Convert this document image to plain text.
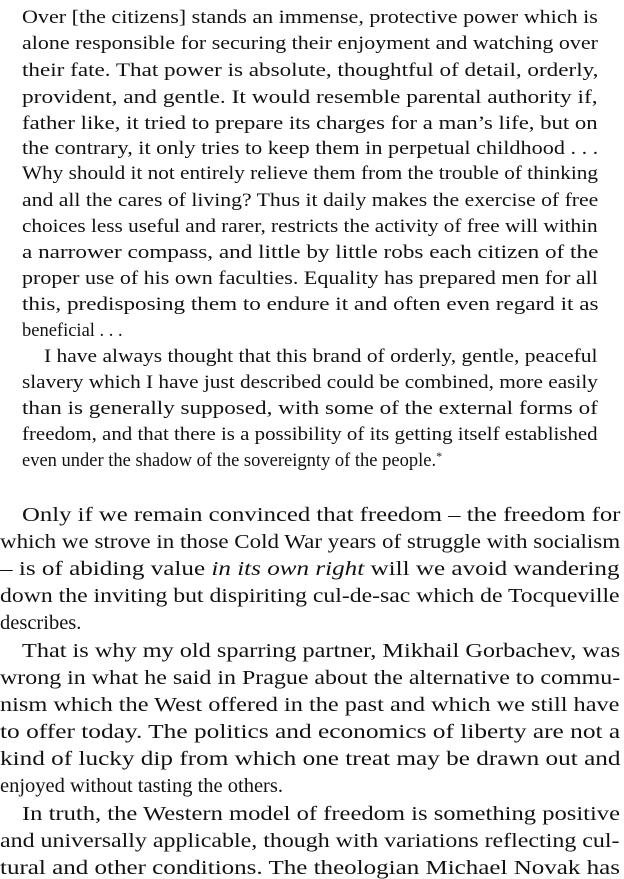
Over [the citizens] stands an immense, protective power which is
alone responsible for securing their enjoyment and watching over
their fate. That power is absolute, thoughtful of detail, orderly,
provident, and gentle. It would resemble parental authority if,
father like, it tried to prepare its charges for a man’s life, but on
the contrary, it only tries to keep them in perpetual childhood . . .
Why should it not entirely relieve them from the trouble of thinking
and all the cares of living? Thus it daily makes the exercise of free
choices less useful and rarer, restricts the activity of free will within
a narrower compass, and little by little robs each citizen of the
proper use of his own faculties. Equality has prepared men for all
this, predisposing them to endure it and often even regard it as
beneficial . . .
I have always thought that this brand of orderly, gentle, peaceful
slavery which I have just described could be combined, more easily
than is generally supposed, with some of the external forms of
freedom, and that there is a possibility of its getting itself established
even under the shadow of the sovereignty of the people.*
Only if we remain convinced that freedom – the freedom for
which we strove in those Cold War years of struggle with socialism
– is of abiding value in its own right will we avoid wandering
down the inviting but dispiriting cul-de-sac which de Tocqueville
describes.
That is why my old sparring partner, Mikhail Gorbachev, was
wrong in what he said in Prague about the alternative to commu-
nism which the West offered in the past and which we still have
to offer today. The politics and economics of liberty are not a
kind of lucky dip from which one treat may be drawn out and
enjoyed without tasting the others.
In truth, the Western model of freedom is something positive
and universally applicable, though with variations reflecting cul-
tural and other conditions. The theologian Michael Novak has
